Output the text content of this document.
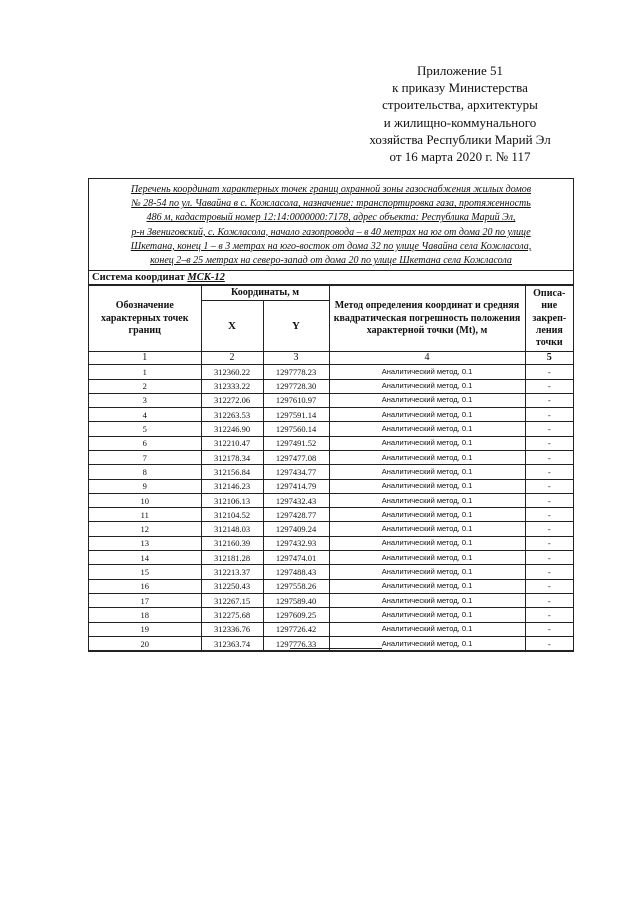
Приложение 51
к приказу Министерства
строительства, архитектуры
и жилищно-коммунального
хозяйства Республики Марий Эл
от 16 марта 2020 г. № 117
Перечень координат характерных точек границ охранной зоны газоснабжения жилых домов
№ 28-54 по ул. Чавайна в с. Кожласола, назначение: транспортировка газа, протяженность
486 м, кадастровый номер 12:14:0000000:7178, адрес объекта: Республика Марий Эл,
р-н Звениговский, с. Кожласола, начало газопровода – в 40 метрах на юг от дома 20 по улице
Шкетана, конец 1 – в 3 метрах на юго-восток от дома 32 по улице Чавайна села Кожласола,
конец 2–в 25 метрах на северо-запад от дома 20 по улице Шкетана села Кожласола
Система координат МСК-12
Обозначение характерных точек границ	Координаты, м		Метод определения координат и средняя квадратическая погрешность положения характерной точки (Mt), м	Описа-ние закреп-ления точки
	X	Y		
1	2	3	4	5
1	312360.22	1297778.23	Аналитический метод, 0.1	-
2	312333.22	1297728.30	Аналитический метод, 0.1	-
3	312272.06	1297610.97	Аналитический метод, 0.1	-
4	312263.53	1297591.14	Аналитический метод, 0.1	-
5	312246.90	1297560.14	Аналитический метод, 0.1	-
6	312210.47	1297491.52	Аналитический метод, 0.1	-
7	312178.34	1297477.08	Аналитический метод, 0.1	-
8	312156.84	1297434.77	Аналитический метод, 0.1	-
9	312146.23	1297414.79	Аналитический метод, 0.1	-
10	312106.13	1297432.43	Аналитический метод, 0.1	-
11	312104.52	1297428.77	Аналитический метод, 0.1	-
12	312148.03	1297409.24	Аналитический метод, 0.1	-
13	312160.39	1297432.93	Аналитический метод, 0.1	-
14	312181.28	1297474.01	Аналитический метод, 0.1	-
15	312213.37	1297488.43	Аналитический метод, 0.1	-
16	312250.43	1297558.26	Аналитический метод, 0.1	-
17	312267.15	1297589.40	Аналитический метод, 0.1	-
18	312275.68	1297609.25	Аналитический метод, 0.1	-
19	312336.76	1297726.42	Аналитический метод, 0.1	-
20	312363.74	1297776.33	Аналитический метод, 0.1	-
